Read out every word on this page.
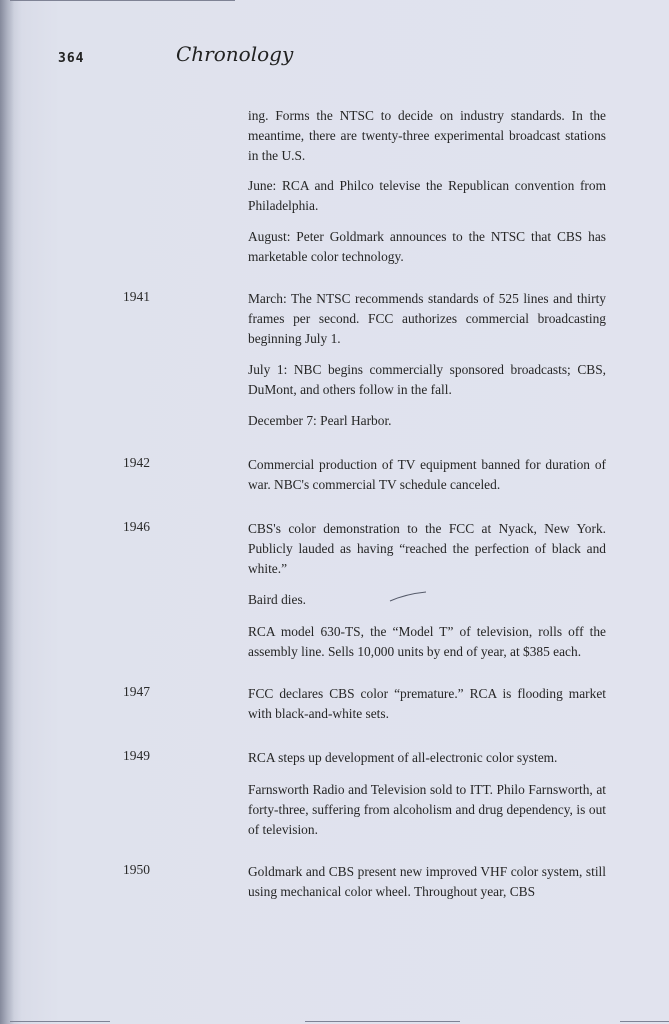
364	Chronology

ing. Forms the NTSC to decide on industry standards. In the meantime, there are twenty-three experimental broadcast stations in the U.S.

June: RCA and Philco televise the Republican convention from Philadelphia.

August: Peter Goldmark announces to the NTSC that CBS has marketable color technology.

1941	March: The NTSC recommends standards of 525 lines and thirty frames per second. FCC authorizes commercial broadcasting beginning July 1.

July 1: NBC begins commercially sponsored broadcasts; CBS, DuMont, and others follow in the fall.

December 7: Pearl Harbor.

1942	Commercial production of TV equipment banned for duration of war. NBC's commercial TV schedule canceled.

1946	CBS's color demonstration to the FCC at Nyack, New York. Publicly lauded as having “reached the perfection of black and white.”

Baird dies.

RCA model 630-TS, the “Model T” of television, rolls off the assembly line. Sells 10,000 units by end of year, at $385 each.

1947	FCC declares CBS color “premature.” RCA is flooding market with black-and-white sets.

1949	RCA steps up development of all-electronic color system.

Farnsworth Radio and Television sold to ITT. Philo Farnsworth, at forty-three, suffering from alcoholism and drug dependency, is out of television.

1950	Goldmark and CBS present new improved VHF color system, still using mechanical color wheel. Throughout year, CBS
